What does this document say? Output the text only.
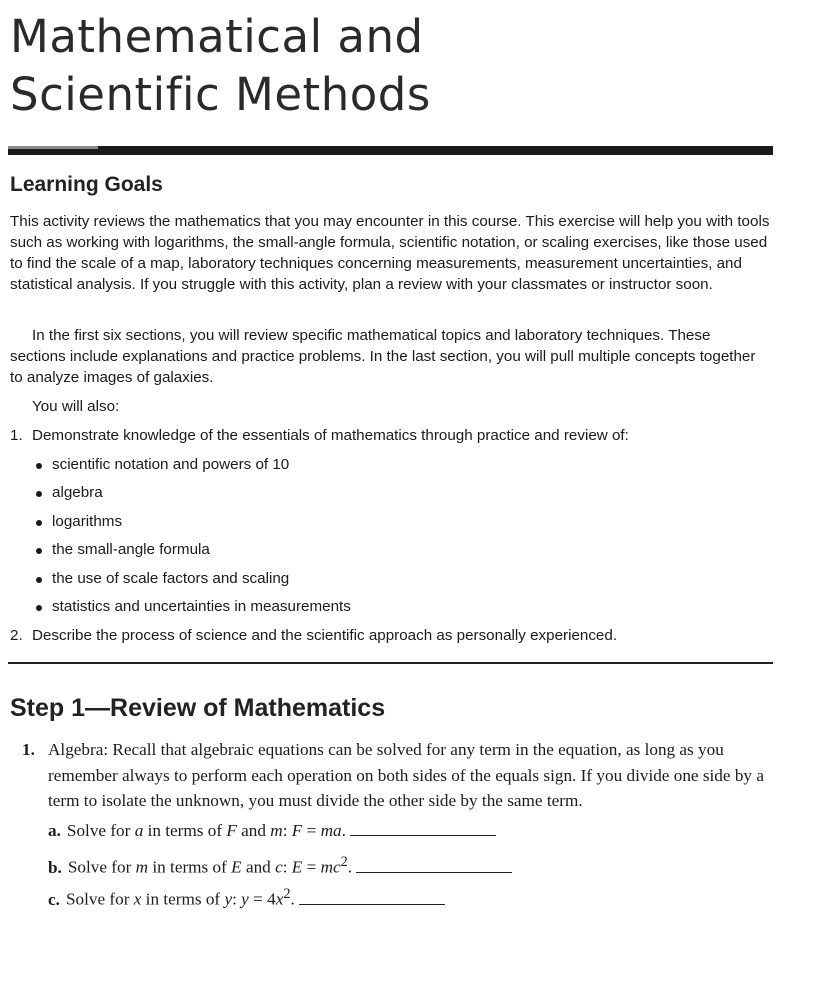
Mathematical and
Scientific Methods
Learning Goals

This activity reviews the mathematics that you may encounter in this course. This exercise will help you with tools such as working with logarithms, the small-angle formula, scientific notation, or scaling exercises, like those used to find the scale of a map, laboratory techniques concerning measurements, measurement uncertainties, and statistical analysis. If you struggle with this activity, plan a review with your classmates or instructor soon.

In the first six sections, you will review specific mathematical topics and laboratory techniques. These sections include explanations and practice problems. In the last section, you will pull multiple concepts together to analyze images of galaxies.

You will also:

1. Demonstrate knowledge of the essentials of mathematics through practice and review of:
scientific notation and powers of 10
algebra
logarithms
the small-angle formula
the use of scale factors and scaling
statistics and uncertainties in measurements
2. Describe the process of science and the scientific approach as personally experienced.
Step 1—Review of Mathematics
1. Algebra: Recall that algebraic equations can be solved for any term in the equation, as long as you remember always to perform each operation on both sides of the equals sign. If you divide one side by a term to isolate the unknown, you must divide the other side by the same term.

a. Solve for a in terms of F and m: F = ma.

b. Solve for m in terms of E and c: $E = mc^2$.

c. Solve for x in terms of y: $y = 4x^2$.
